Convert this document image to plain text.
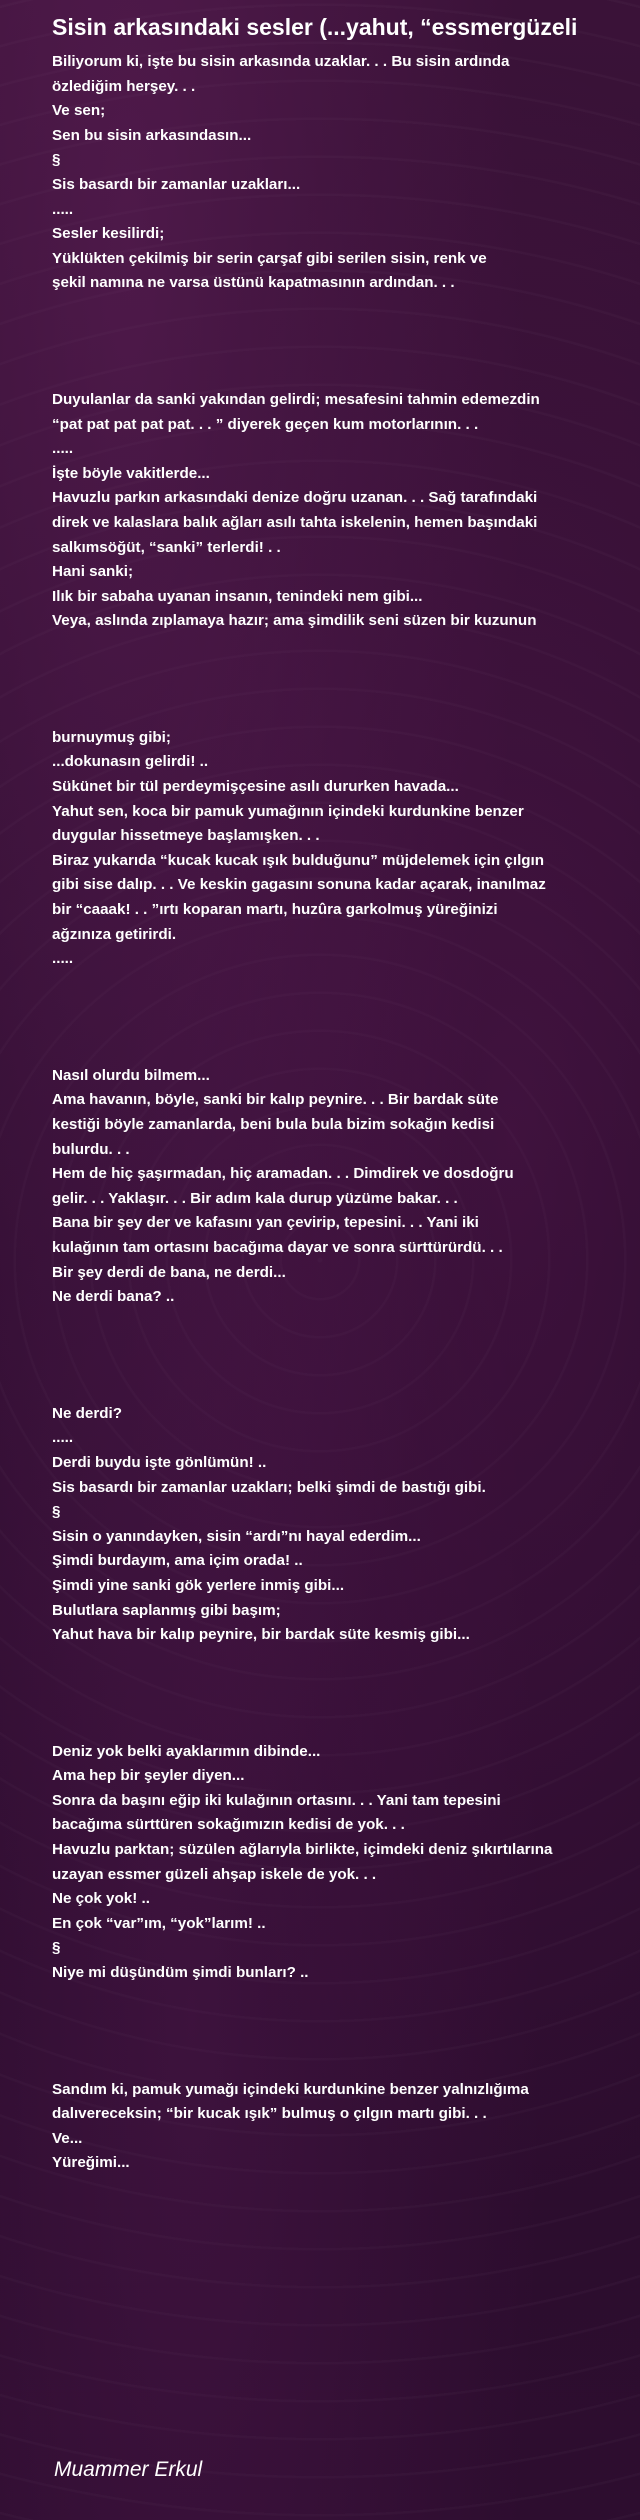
Sisin arkasındaki sesler (...yahut, “essmergüzeli
Biliyorum ki, işte bu sisin arkasında uzaklar. . . Bu sisin ardında
özlediğim herşey. . .
Ve sen;
Sen bu sisin arkasındasın...
§
Sis basardı bir zamanlar uzakları...
.....
Sesler kesilirdi;
Yüklükten çekilmiş bir serin çarşaf gibi serilen sisin, renk ve
şekil namına ne varsa üstünü kapatmasının ardından. . .
Duyulanlar da sanki yakından gelirdi; mesafesini tahmin edemezdin
“pat pat pat pat pat. . . ” diyerek geçen kum motorlarının. . .
.....
İşte böyle vakitlerde...
Havuzlu parkın arkasındaki denize doğru uzanan. . . Sağ tarafındaki
direk ve kalaslara balık ağları asılı tahta iskelenin, hemen başındaki
salkımsöğüt, “sanki” terlerdi! . .
Hani sanki;
Ilık bir sabaha uyanan insanın, tenindeki nem gibi...
Veya, aslında zıplamaya hazır; ama şimdilik seni süzen bir kuzunun
burnuymuş gibi;
...dokunasın gelirdi! ..
Sükünet bir tül perdeymişçesine asılı dururken havada...
Yahut sen, koca bir pamuk yumağının içindeki kurdunkine benzer
duygular hissetmeye başlamışken. . .
Biraz yukarıda “kucak kucak ışık bulduğunu” müjdelemek için çılgın
gibi sise dalıp. . . Ve keskin gagasını sonuna kadar açarak, inanılmaz
bir “caaak! . . ”ırtı koparan martı, huzûra garkolmuş yüreğinizi
ağzınıza getirirdi.
.....
Nasıl olurdu bilmem...
Ama havanın, böyle, sanki bir kalıp peynire. . . Bir bardak süte
kestiği böyle zamanlarda, beni bula bula bizim sokağın kedisi
bulurdu. . .
Hem de hiç şaşırmadan, hiç aramadan. . . Dimdirek ve dosdoğru
gelir. . . Yaklaşır. . . Bir adım kala durup yüzüme bakar. . .
Bana bir şey der ve kafasını yan çevirip, tepesini. . . Yani iki
kulağının tam ortasını bacağıma dayar ve sonra sürttürürdü. . .
Bir şey derdi de bana, ne derdi...
Ne derdi bana? ..
Ne derdi?
.....
Derdi buydu işte gönlümün! ..
Sis basardı bir zamanlar uzakları; belki şimdi de bastığı gibi.
§
Sisin o yanındayken, sisin “ardı”nı hayal ederdim...
Şimdi burdayım, ama içim orada! ..
Şimdi yine sanki gök yerlere inmiş gibi...
Bulutlara saplanmış gibi başım;
Yahut hava bir kalıp peynire, bir bardak süte kesmiş gibi...
Deniz yok belki ayaklarımın dibinde...
Ama hep bir şeyler diyen...
Sonra da başını eğip iki kulağının ortasını. . . Yani tam tepesini
bacağıma sürttüren sokağımızın kedisi de yok. . .
Havuzlu parktan; süzülen ağlarıyla birlikte, içimdeki deniz şıkırtılarına
uzayan essmer güzeli ahşap iskele de yok. . .
Ne çok yok! ..
En çok “var”ım, “yok”larım! ..
§
Niye mi düşündüm şimdi bunları? ..
Sandım ki, pamuk yumağı içindeki kurdunkine benzer yalnızlığıma
dalıvereceksin; “bir kucak ışık” bulmuş o çılgın martı gibi. . .
Ve...
Yüreğimi...

Muammer Erkul
